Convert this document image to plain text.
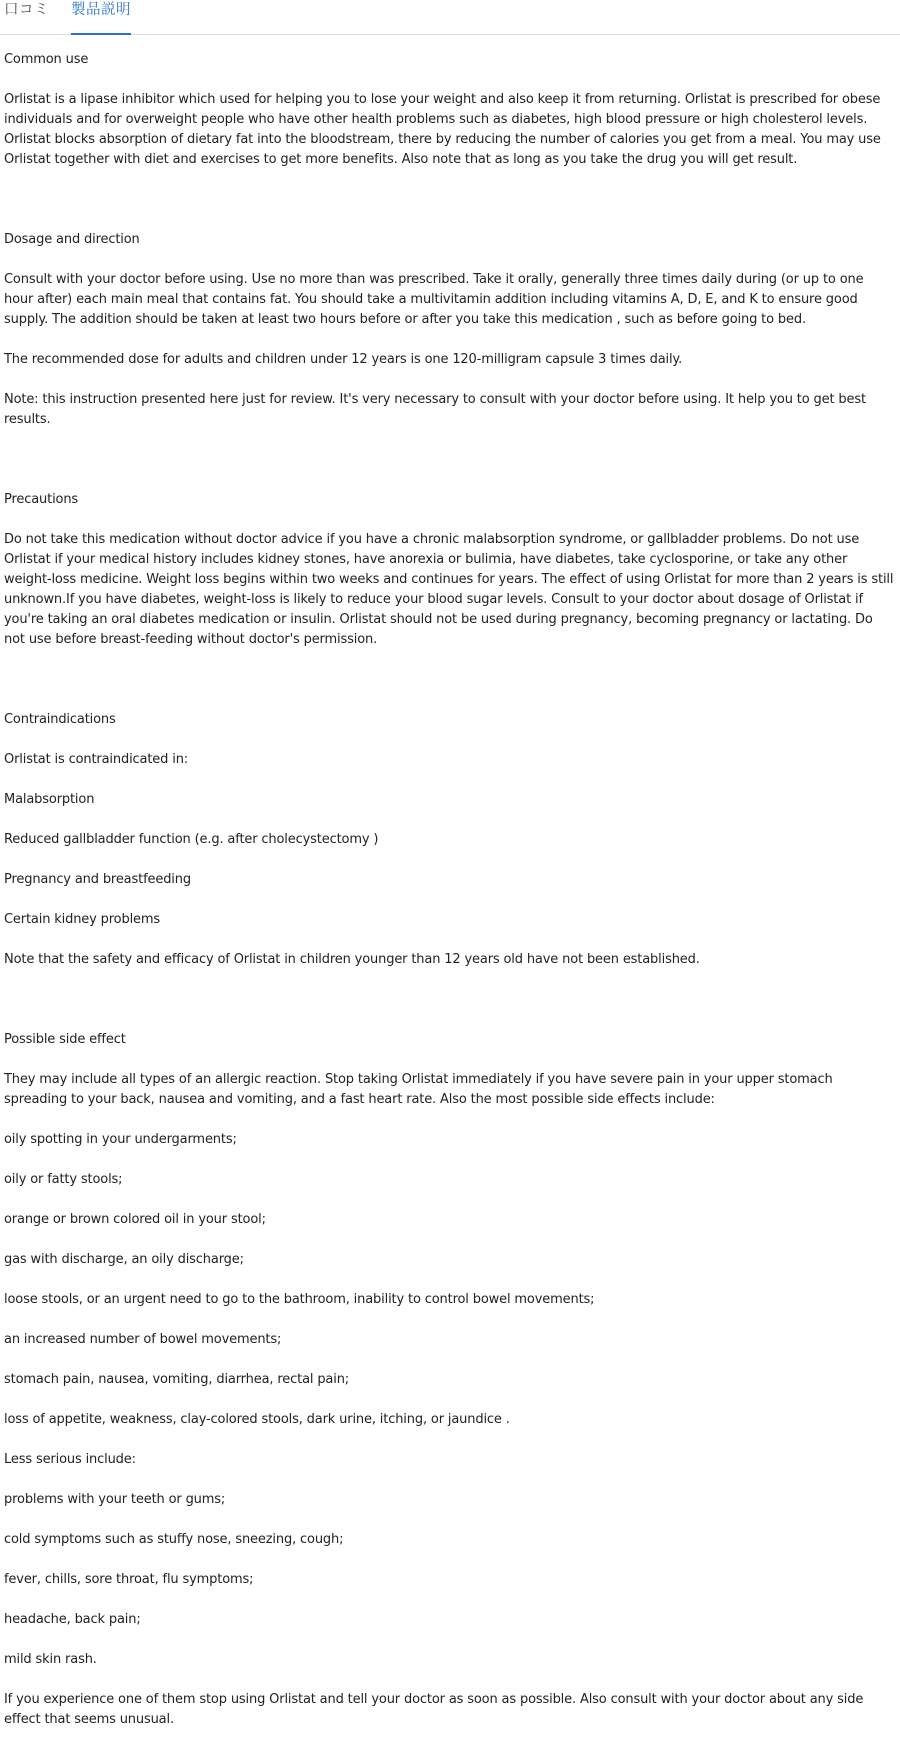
口コミ 製品説明

Common use

Orlistat is a lipase inhibitor which used for helping you to lose your weight and also keep it from returning. Orlistat is prescribed for obese individuals and for overweight people who have other health problems such as diabetes, high blood pressure or high cholesterol levels. Orlistat blocks absorption of dietary fat into the bloodstream, there by reducing the number of calories you get from a meal. You may use Orlistat together with diet and exercises to get more benefits. Also note that as long as you take the drug you will get result.

Dosage and direction

Consult with your doctor before using. Use no more than was prescribed. Take it orally, generally three times daily during (or up to one hour after) each main meal that contains fat. You should take a multivitamin addition including vitamins A, D, E, and K to ensure good supply. The addition should be taken at least two hours before or after you take this medication , such as before going to bed.

The recommended dose for adults and children under 12 years is one 120-milligram capsule 3 times daily.

Note: this instruction presented here just for review. It's very necessary to consult with your doctor before using. It help you to get best results.

Precautions

Do not take this medication without doctor advice if you have a chronic malabsorption syndrome, or gallbladder problems. Do not use Orlistat if your medical history includes kidney stones, have anorexia or bulimia, have diabetes, take cyclosporine, or take any other weight-loss medicine. Weight loss begins within two weeks and continues for years. The effect of using Orlistat for more than 2 years is still unknown.If you have diabetes, weight-loss is likely to reduce your blood sugar levels. Consult to your doctor about dosage of Orlistat if you're taking an oral diabetes medication or insulin. Orlistat should not be used during pregnancy, becoming pregnancy or lactating. Do not use before breast-feeding without doctor's permission.

Contraindications

Orlistat is contraindicated in:

Malabsorption

Reduced gallbladder function (e.g. after cholecystectomy )

Pregnancy and breastfeeding

Certain kidney problems

Note that the safety and efficacy of Orlistat in children younger than 12 years old have not been established.

Possible side effect

They may include all types of an allergic reaction. Stop taking Orlistat immediately if you have severe pain in your upper stomach spreading to your back, nausea and vomiting, and a fast heart rate. Also the most possible side effects include:

oily spotting in your undergarments;

oily or fatty stools;

orange or brown colored oil in your stool;

gas with discharge, an oily discharge;

loose stools, or an urgent need to go to the bathroom, inability to control bowel movements;

an increased number of bowel movements;

stomach pain, nausea, vomiting, diarrhea, rectal pain;

loss of appetite, weakness, clay-colored stools, dark urine, itching, or jaundice .

Less serious include:

problems with your teeth or gums;

cold symptoms such as stuffy nose, sneezing, cough;

fever, chills, sore throat, flu symptoms;

headache, back pain;

mild skin rash.

If you experience one of them stop using Orlistat and tell your doctor as soon as possible. Also consult with your doctor about any side effect that seems unusual.
